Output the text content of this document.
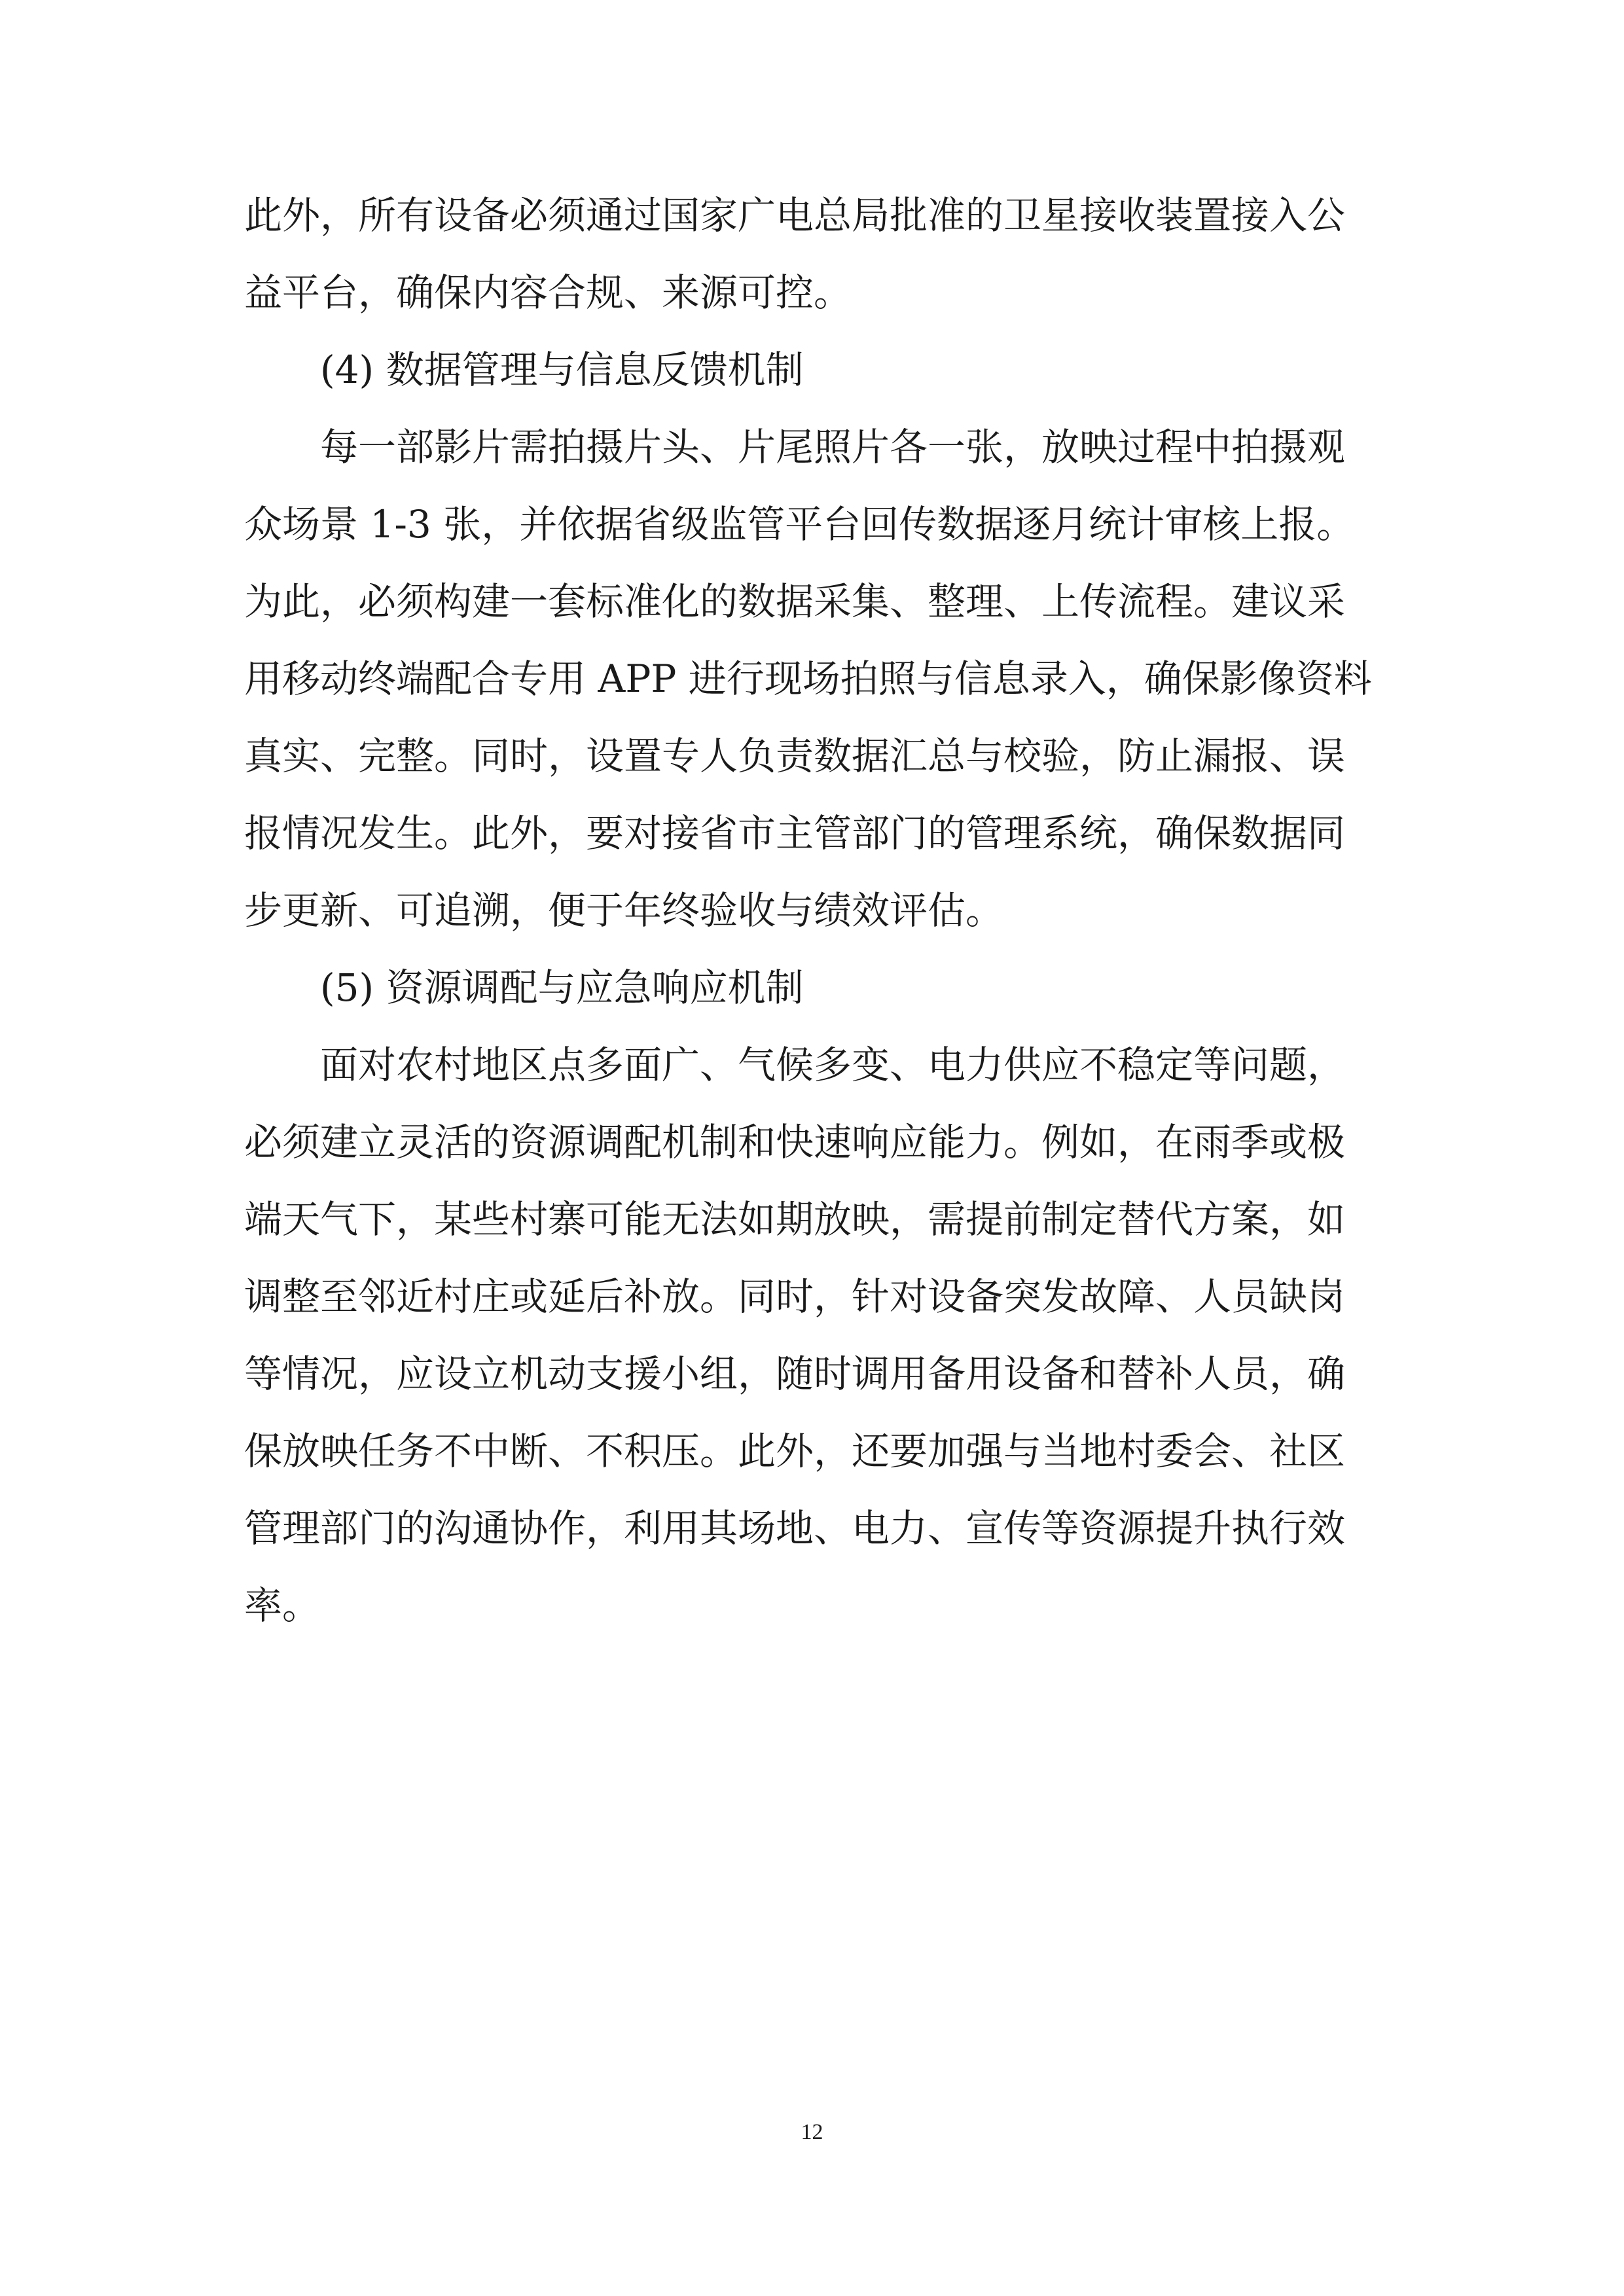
此外，所有设备必须通过国家广电总局批准的卫星接收装置接入公
益平台，确保内容合规、来源可控。
(4) 数据管理与信息反馈机制
每一部影片需拍摄片头、片尾照片各一张，放映过程中拍摄观
众场景 1-3 张，并依据省级监管平台回传数据逐月统计审核上报。
为此，必须构建一套标准化的数据采集、整理、上传流程。建议采
用移动终端配合专用 APP 进行现场拍照与信息录入，确保影像资料
真实、完整。同时，设置专人负责数据汇总与校验，防止漏报、误
报情况发生。此外，要对接省市主管部门的管理系统，确保数据同
步更新、可追溯，便于年终验收与绩效评估。
(5) 资源调配与应急响应机制
面对农村地区点多面广、气候多变、电力供应不稳定等问题，
必须建立灵活的资源调配机制和快速响应能力。例如，在雨季或极
端天气下，某些村寨可能无法如期放映，需提前制定替代方案，如
调整至邻近村庄或延后补放。同时，针对设备突发故障、人员缺岗
等情况，应设立机动支援小组，随时调用备用设备和替补人员，确
保放映任务不中断、不积压。此外，还要加强与当地村委会、社区
管理部门的沟通协作，利用其场地、电力、宣传等资源提升执行效
率。
12
